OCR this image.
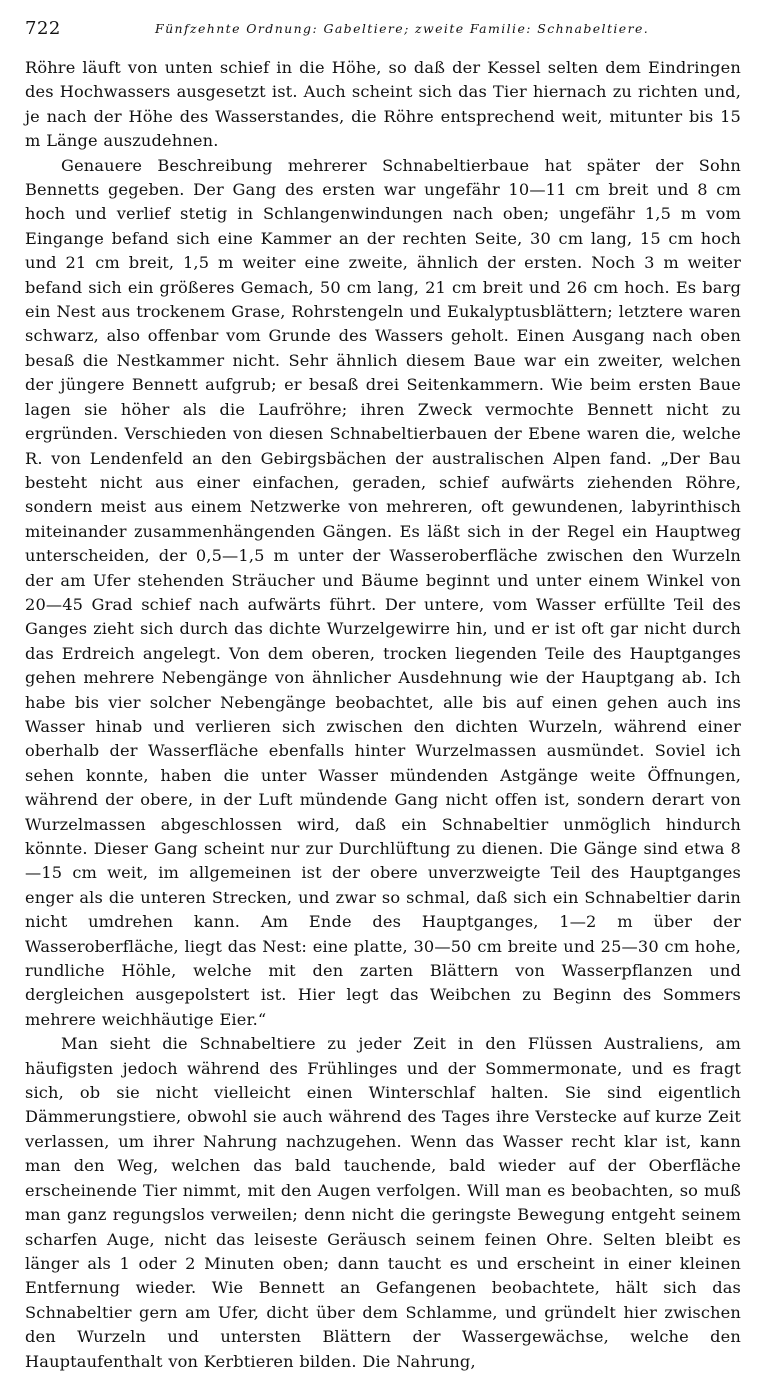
722	Fünfzehnte Ordnung: Gabeltiere; zweite Familie: Schnabeltiere.

Röhre läuft von unten schief in die Höhe, so daß der Kessel selten dem Eindringen des Hochwassers ausgesetzt ist. Auch scheint sich das Tier hiernach zu richten und, je nach der Höhe des Wasserstandes, die Röhre entsprechend weit, mitunter bis 15 m Länge auszudehnen.

Genauere Beschreibung mehrerer Schnabeltierbaue hat später der Sohn Bennetts gegeben. Der Gang des ersten war ungefähr 10—11 cm breit und 8 cm hoch und verlief stetig in Schlangenwindungen nach oben; ungefähr 1,5 m vom Eingange befand sich eine Kammer an der rechten Seite, 30 cm lang, 15 cm hoch und 21 cm breit, 1,5 m weiter eine zweite, ähnlich der ersten. Noch 3 m weiter befand sich ein größeres Gemach, 50 cm lang, 21 cm breit und 26 cm hoch. Es barg ein Nest aus trockenem Grase, Rohrstengeln und Eukalyptusblättern; letztere waren schwarz, also offenbar vom Grunde des Wassers geholt. Einen Ausgang nach oben besaß die Nestkammer nicht. Sehr ähnlich diesem Baue war ein zweiter, welchen der jüngere Bennett aufgrub; er besaß drei Seitenkammern. Wie beim ersten Baue lagen sie höher als die Laufröhre; ihren Zweck vermochte Bennett nicht zu ergründen. Verschieden von diesen Schnabeltierbauen der Ebene waren die, welche R. von Lendenfeld an den Gebirgsbächen der australischen Alpen fand. „Der Bau besteht nicht aus einer einfachen, geraden, schief aufwärts ziehenden Röhre, sondern meist aus einem Netzwerke von mehreren, oft gewundenen, labyrinthisch miteinander zusammenhängenden Gängen. Es läßt sich in der Regel ein Hauptweg unterscheiden, der 0,5—1,5 m unter der Wasseroberfläche zwischen den Wurzeln der am Ufer stehenden Sträucher und Bäume beginnt und unter einem Winkel von 20—45 Grad schief nach aufwärts führt. Der untere, vom Wasser erfüllte Teil des Ganges zieht sich durch das dichte Wurzelgewirre hin, und er ist oft gar nicht durch das Erdreich angelegt. Von dem oberen, trocken liegenden Teile des Hauptganges gehen mehrere Nebengänge von ähnlicher Ausdehnung wie der Hauptgang ab. Ich habe bis vier solcher Nebengänge beobachtet, alle bis auf einen gehen auch ins Wasser hinab und verlieren sich zwischen den dichten Wurzeln, während einer oberhalb der Wasserfläche ebenfalls hinter Wurzelmassen ausmündet. Soviel ich sehen konnte, haben die unter Wasser mündenden Astgänge weite Öffnungen, während der obere, in der Luft mündende Gang nicht offen ist, sondern derart von Wurzelmassen abgeschlossen wird, daß ein Schnabeltier unmöglich hindurch könnte. Dieser Gang scheint nur zur Durchlüftung zu dienen. Die Gänge sind etwa 8—15 cm weit, im allgemeinen ist der obere unverzweigte Teil des Hauptganges enger als die unteren Strecken, und zwar so schmal, daß sich ein Schnabeltier darin nicht umdrehen kann. Am Ende des Hauptganges, 1—2 m über der Wasseroberfläche, liegt das Nest: eine platte, 30—50 cm breite und 25—30 cm hohe, rundliche Höhle, welche mit den zarten Blättern von Wasserpflanzen und dergleichen ausgepolstert ist. Hier legt das Weibchen zu Beginn des Sommers mehrere weichhäutige Eier.“

Man sieht die Schnabeltiere zu jeder Zeit in den Flüssen Australiens, am häufigsten jedoch während des Frühlinges und der Sommermonate, und es fragt sich, ob sie nicht vielleicht einen Winterschlaf halten. Sie sind eigentlich Dämmerungstiere, obwohl sie auch während des Tages ihre Verstecke auf kurze Zeit verlassen, um ihrer Nahrung nachzugehen. Wenn das Wasser recht klar ist, kann man den Weg, welchen das bald tauchende, bald wieder auf der Oberfläche erscheinende Tier nimmt, mit den Augen verfolgen. Will man es beobachten, so muß man ganz regungslos verweilen; denn nicht die geringste Bewegung entgeht seinem scharfen Auge, nicht das leiseste Geräusch seinem feinen Ohre. Selten bleibt es länger als 1 oder 2 Minuten oben; dann taucht es und erscheint in einer kleinen Entfernung wieder. Wie Bennett an Gefangenen beobachtete, hält sich das Schnabeltier gern am Ufer, dicht über dem Schlamme, und gründelt hier zwischen den Wurzeln und untersten Blättern der Wassergewächse, welche den Hauptaufenthalt von Kerbtieren bilden. Die Nahrung,
